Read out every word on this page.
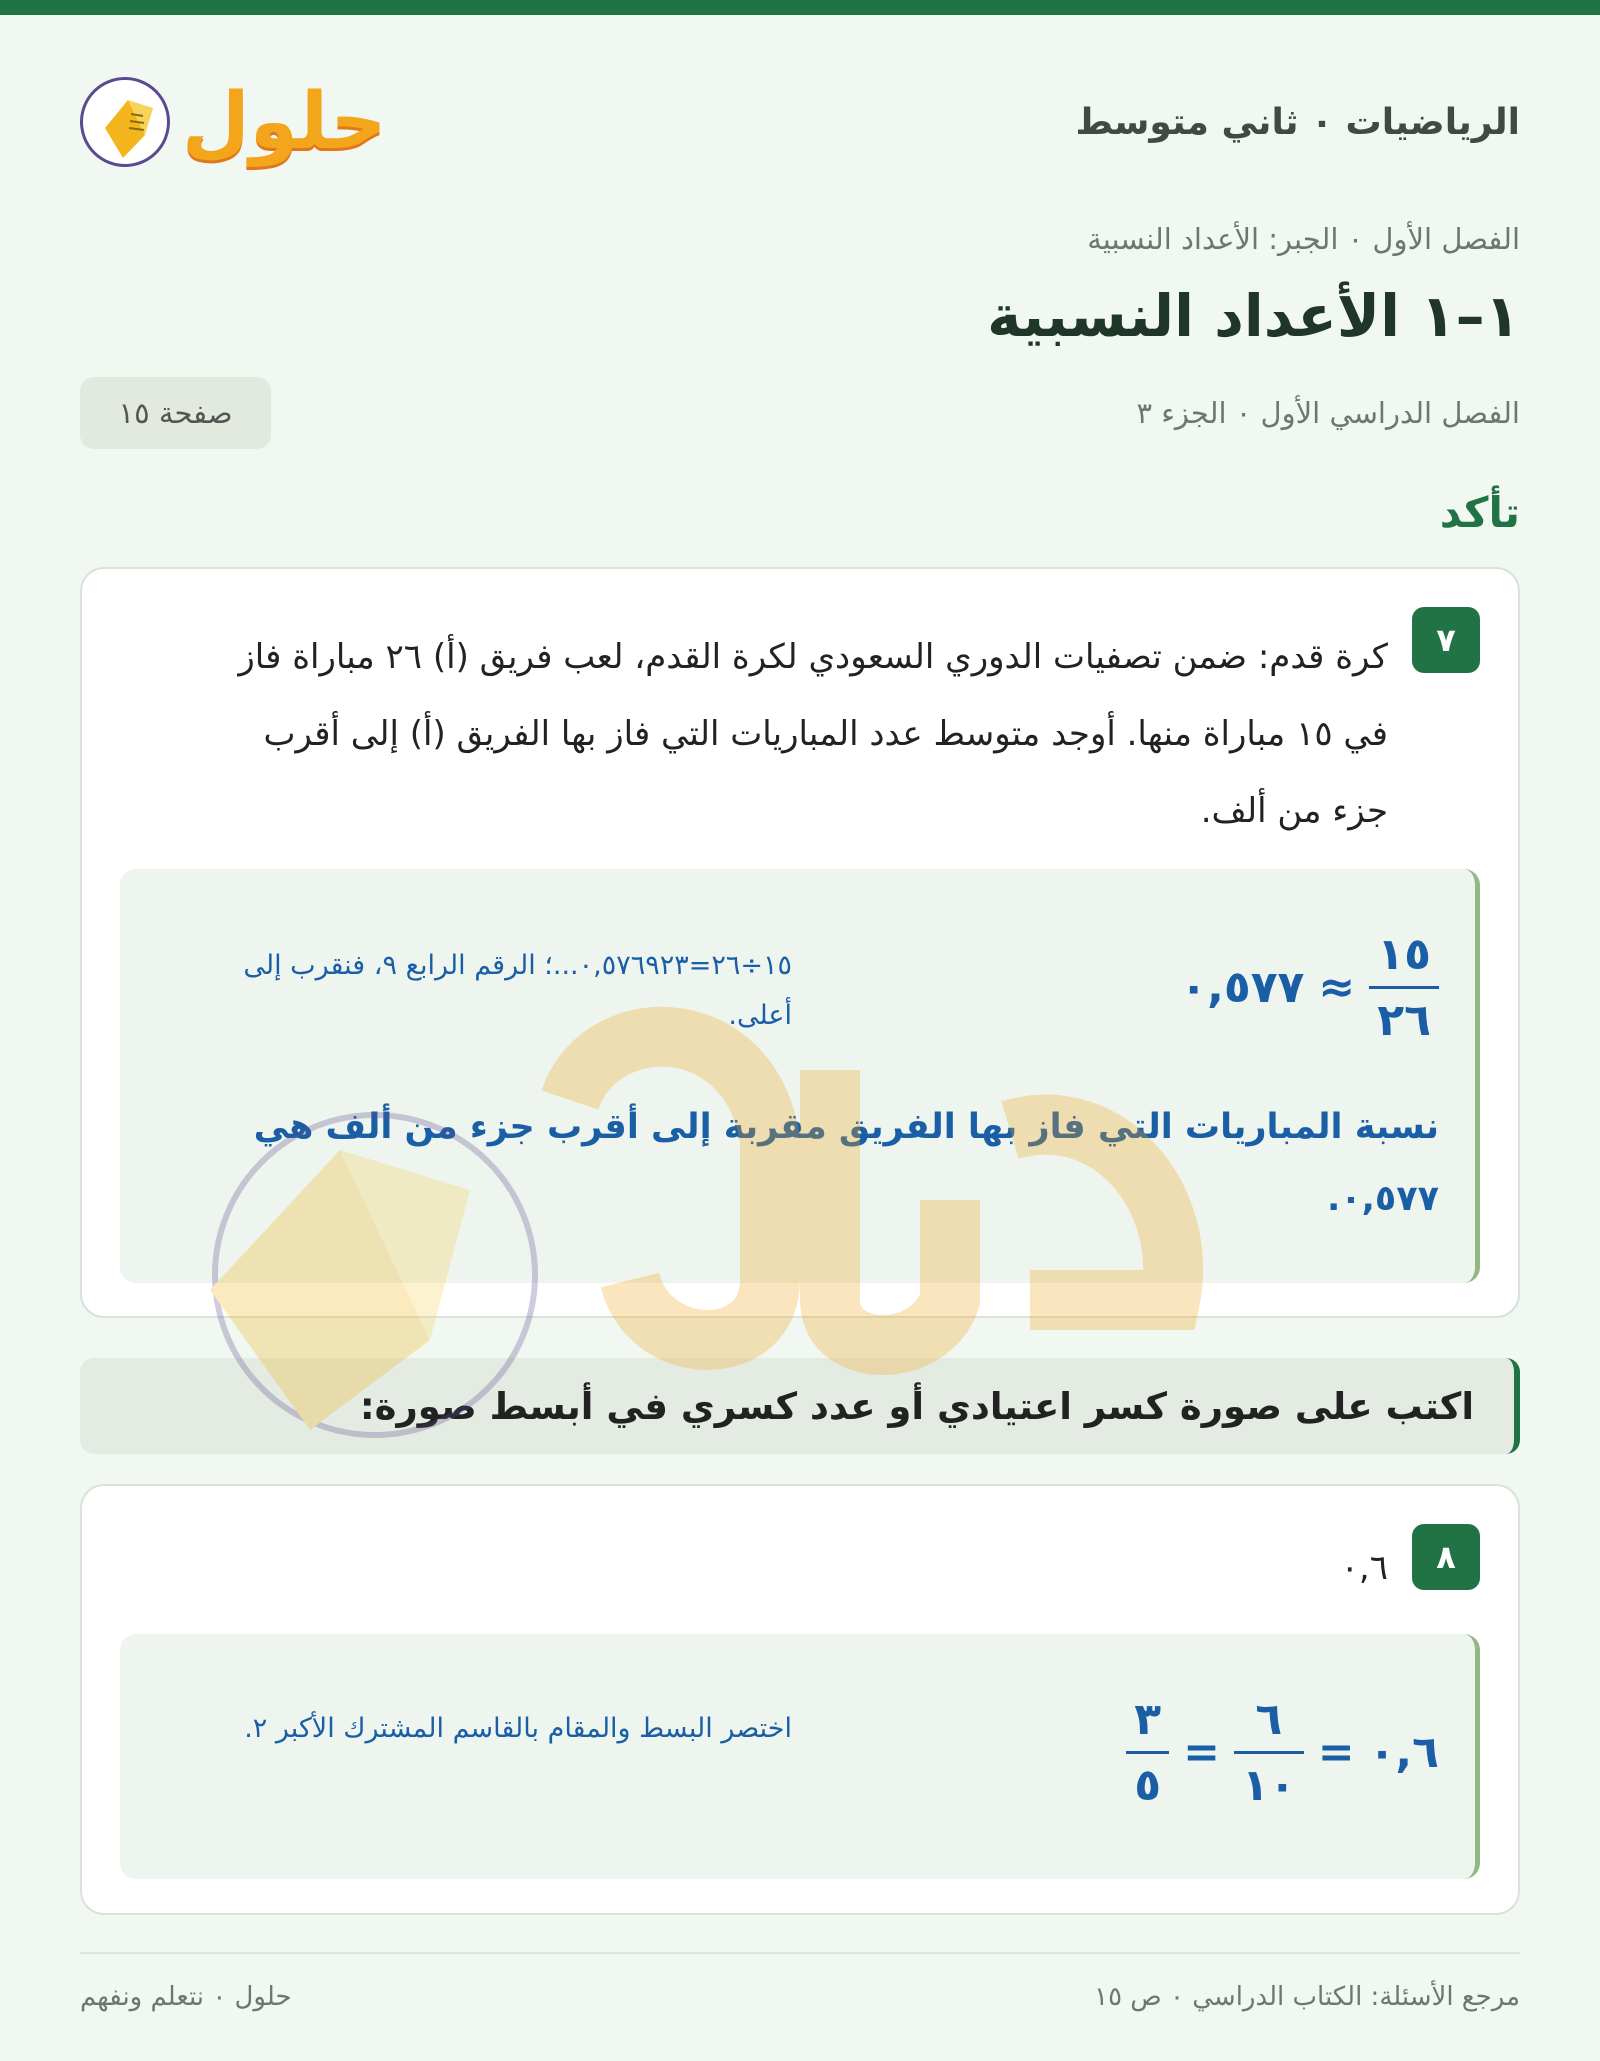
الرياضيات ٠ ثاني متوسط
حلول
الفصل الأول ٠ الجبر: الأعداد النسبية
١–١ الأعداد النسبية
الفصل الدراسي الأول ٠ الجزء ٣
صفحة ١٥
تأكد
٧

كرة قدم: ضمن تصفيات الدوري السعودي لكرة القدم، لعب فريق (أ) ٢٦ مباراة فاز في ١٥ مباراة منها. أوجد متوسط عدد المباريات التي فاز بها الفريق (أ) إلى أقرب جزء من ألف.

$\frac{١٥}{٢٦}$
≈
٠,٥٧٧

١٥÷٢٦=٠,٥٧٦٩٢٣...؛ الرقم الرابع ٩، فنقرب إلى أعلى.

نسبة المباريات التي فاز بها الفريق مقربة إلى أقرب جزء من ألف هي ٠,٥٧٧.

اكتب على صورة كسر اعتيادي أو عدد كسري في أبسط صورة:
٨

٠,٦

٠,٦
=
$\frac{٦}{١٠}$
=
$\frac{٣}{٥}$

اختصر البسط والمقام بالقاسم المشترك الأكبر ٢.

مرجع الأسئلة: الكتاب الدراسي ٠ ص ١٥
حلول ٠ نتعلم ونفهم
